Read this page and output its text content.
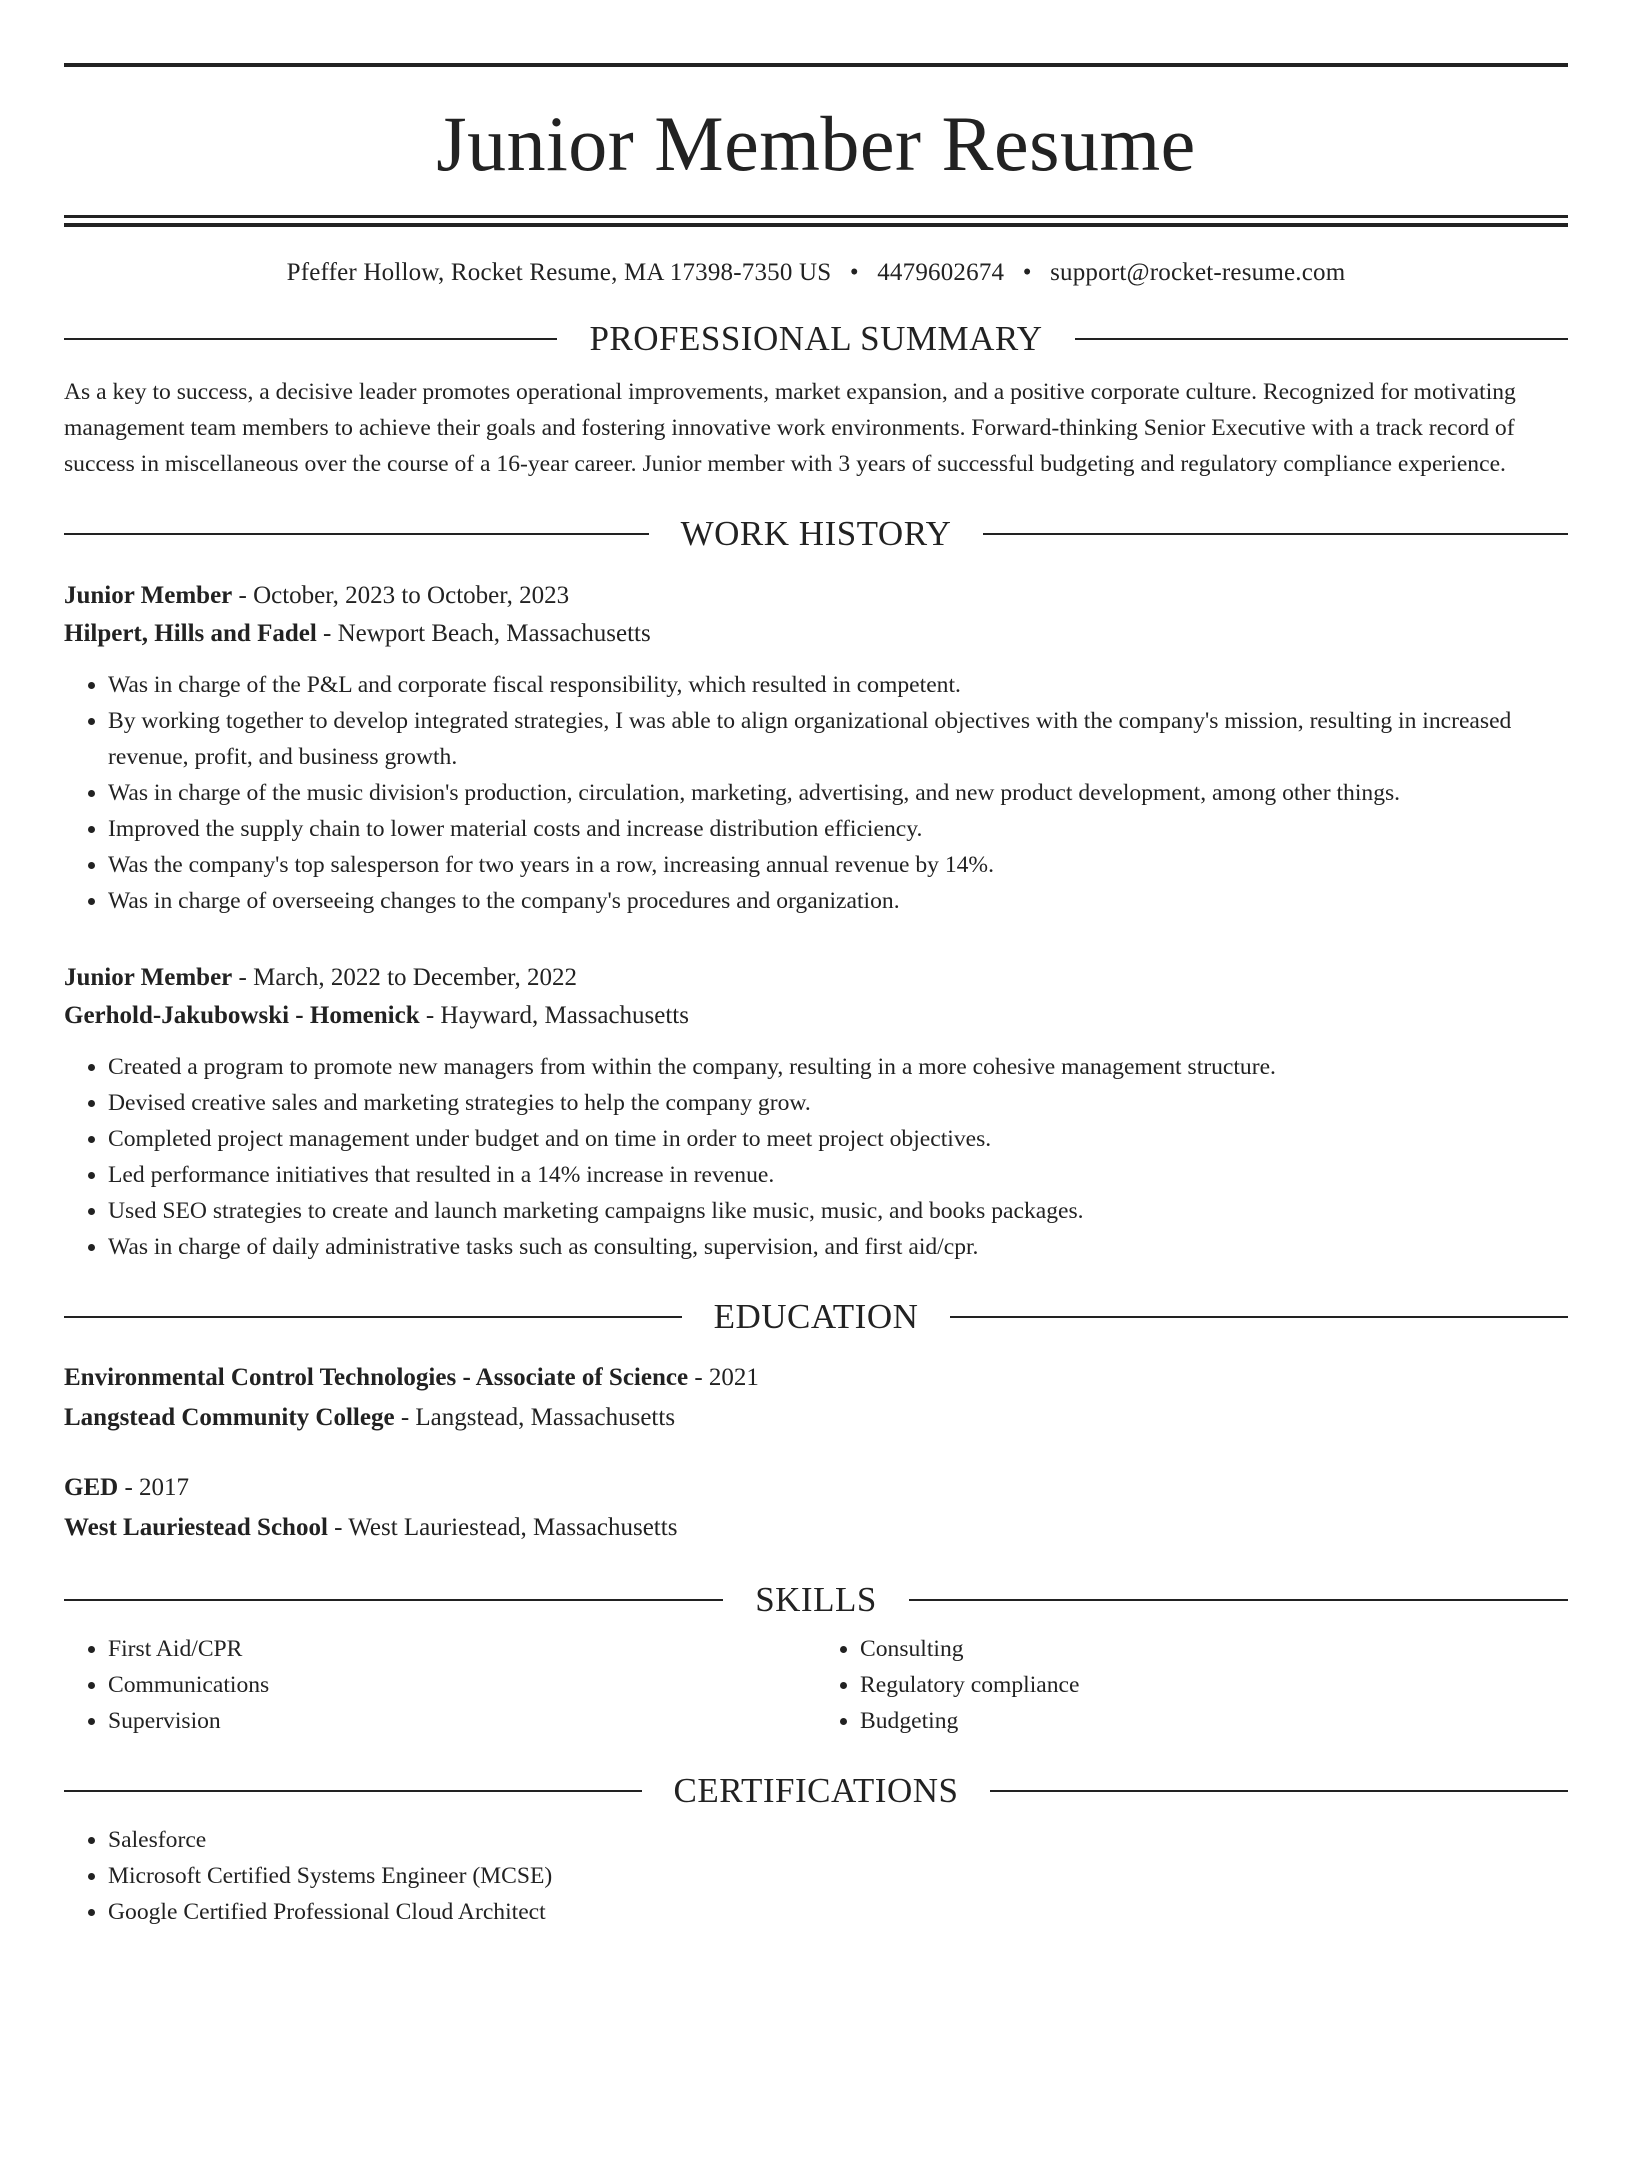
Junior Member Resume
Pfeffer Hollow, Rocket Resume, MA 17398-7350 US • 4479602674 • support@rocket-resume.com
PROFESSIONAL SUMMARY
As a key to success, a decisive leader promotes operational improvements, market expansion, and a positive corporate culture. Recognized for motivating management team members to achieve their goals and fostering innovative work environments. Forward-thinking Senior Executive with a track record of success in miscellaneous over the course of a 16-year career. Junior member with 3 years of successful budgeting and regulatory compliance experience.
WORK HISTORY
Junior Member - October, 2023 to October, 2023
Hilpert, Hills and Fadel - Newport Beach, Massachusetts
• Was in charge of the P&L and corporate fiscal responsibility, which resulted in competent.
• By working together to develop integrated strategies, I was able to align organizational objectives with the company's mission, resulting in increased revenue, profit, and business growth.
• Was in charge of the music division's production, circulation, marketing, advertising, and new product development, among other things.
• Improved the supply chain to lower material costs and increase distribution efficiency.
• Was the company's top salesperson for two years in a row, increasing annual revenue by 14%.
• Was in charge of overseeing changes to the company's procedures and organization.
Junior Member - March, 2022 to December, 2022
Gerhold-Jakubowski - Homenick - Hayward, Massachusetts
• Created a program to promote new managers from within the company, resulting in a more cohesive management structure.
• Devised creative sales and marketing strategies to help the company grow.
• Completed project management under budget and on time in order to meet project objectives.
• Led performance initiatives that resulted in a 14% increase in revenue.
• Used SEO strategies to create and launch marketing campaigns like music, music, and books packages.
• Was in charge of daily administrative tasks such as consulting, supervision, and first aid/cpr.
EDUCATION
Environmental Control Technologies - Associate of Science - 2021
Langstead Community College - Langstead, Massachusetts
GED - 2017
West Lauriestead School - West Lauriestead, Massachusetts
SKILLS
• First Aid/CPR
• Communications
• Supervision
• Consulting
• Regulatory compliance
• Budgeting
CERTIFICATIONS
• Salesforce
• Microsoft Certified Systems Engineer (MCSE)
• Google Certified Professional Cloud Architect
